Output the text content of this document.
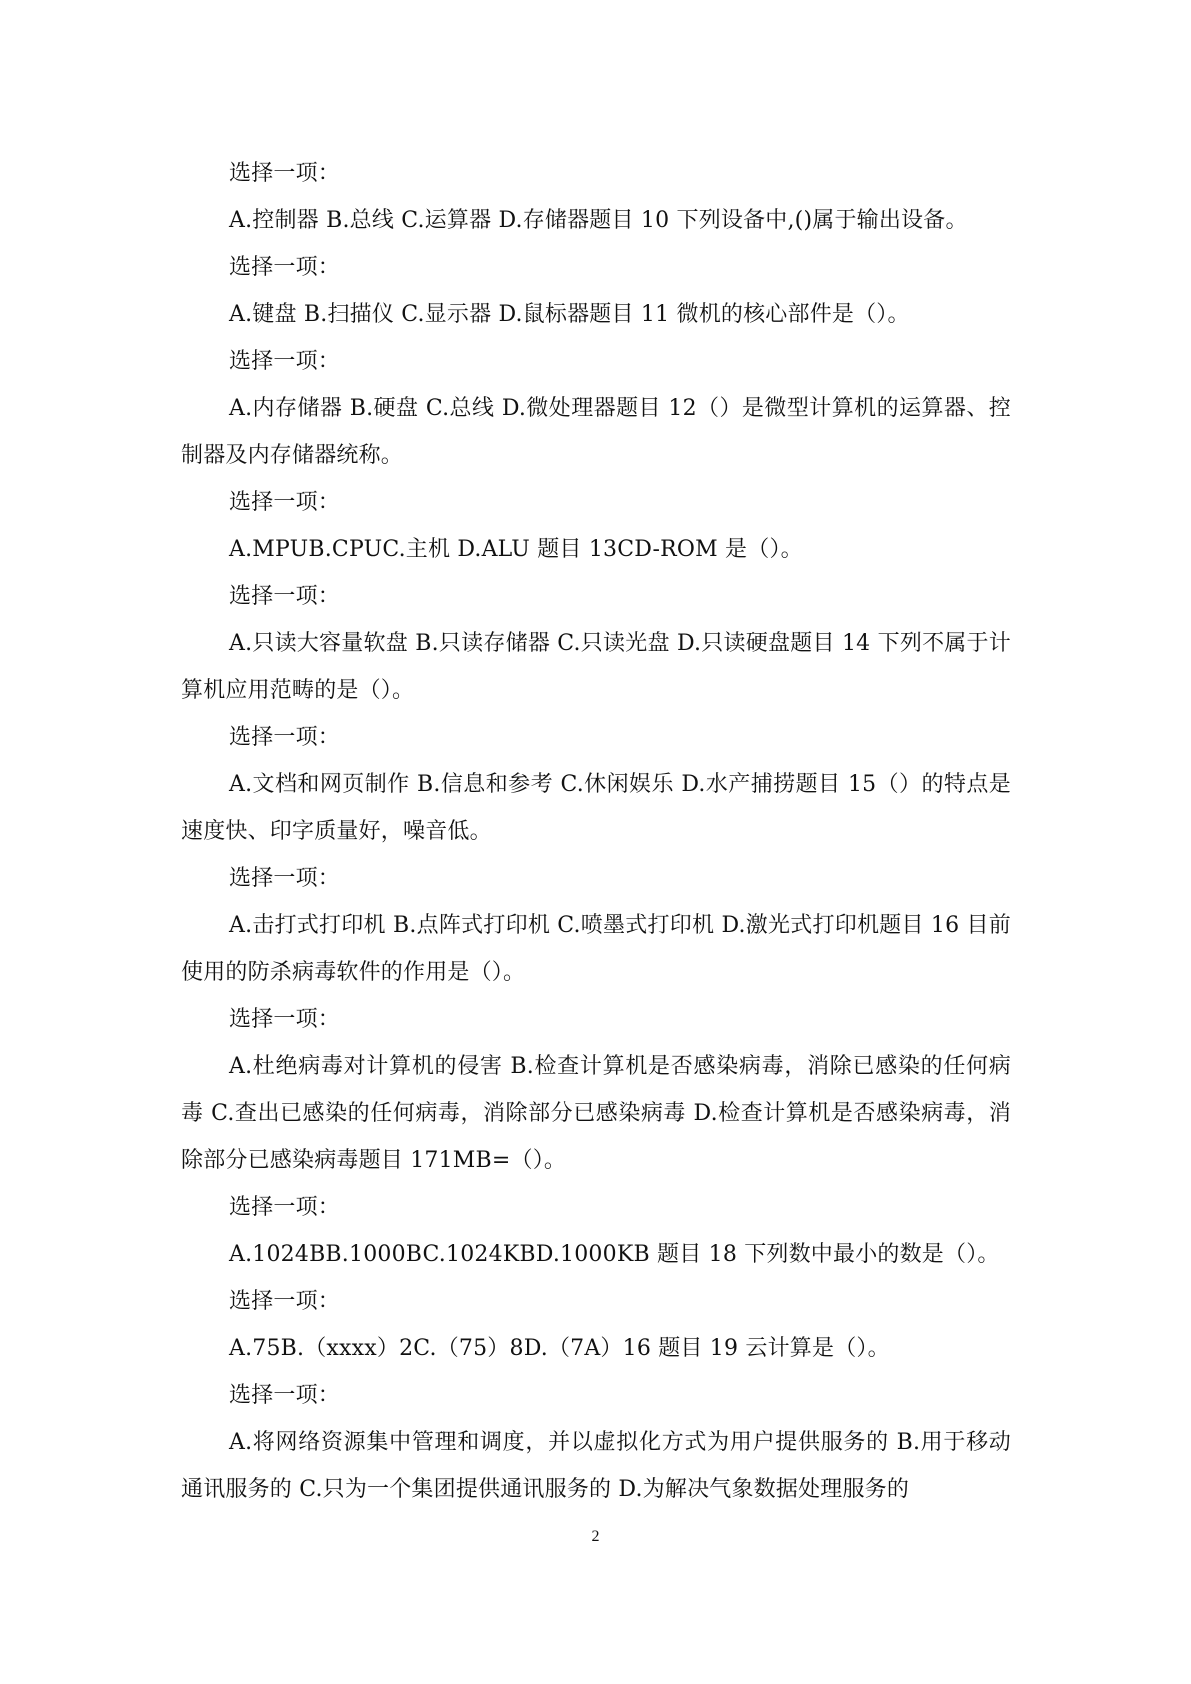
选择一项：

A.控制器 B.总线 C.运算器 D.存储器题目 10 下列设备中,()属于输出设备。

选择一项：

A.键盘 B.扫描仪 C.显示器 D.鼠标器题目 11 微机的核心部件是（）。

选择一项：

A.内存储器 B.硬盘 C.总线 D.微处理器题目 12（）是微型计算机的运算器、控制器及内存储器统称。

选择一项：

A.MPUB.CPUC.主机 D.ALU 题目 13CD-ROM 是（）。

选择一项：

A.只读大容量软盘 B.只读存储器 C.只读光盘 D.只读硬盘题目 14 下列不属于计算机应用范畴的是（）。

选择一项：

A.文档和网页制作 B.信息和参考 C.休闲娱乐 D.水产捕捞题目 15（）的特点是速度快、印字质量好，噪音低。

选择一项：

A.击打式打印机 B.点阵式打印机 C.喷墨式打印机 D.激光式打印机题目 16 目前使用的防杀病毒软件的作用是（）。

选择一项：

A.杜绝病毒对计算机的侵害 B.检查计算机是否感染病毒，消除已感染的任何病毒 C.查出已感染的任何病毒，消除部分已感染病毒 D.检查计算机是否感染病毒，消除部分已感染病毒题目 171MB=（）。

选择一项：

A.1024BB.1000BC.1024KBD.1000KB 题目 18 下列数中最小的数是（）。

选择一项：

A.75B.（xxxx）2C.（75）8D.（7A）16 题目 19 云计算是（）。

选择一项：

A.将网络资源集中管理和调度，并以虚拟化方式为用户提供服务的 B.用于移动通讯服务的 C.只为一个集团提供通讯服务的 D.为解决气象数据处理服务的

2
